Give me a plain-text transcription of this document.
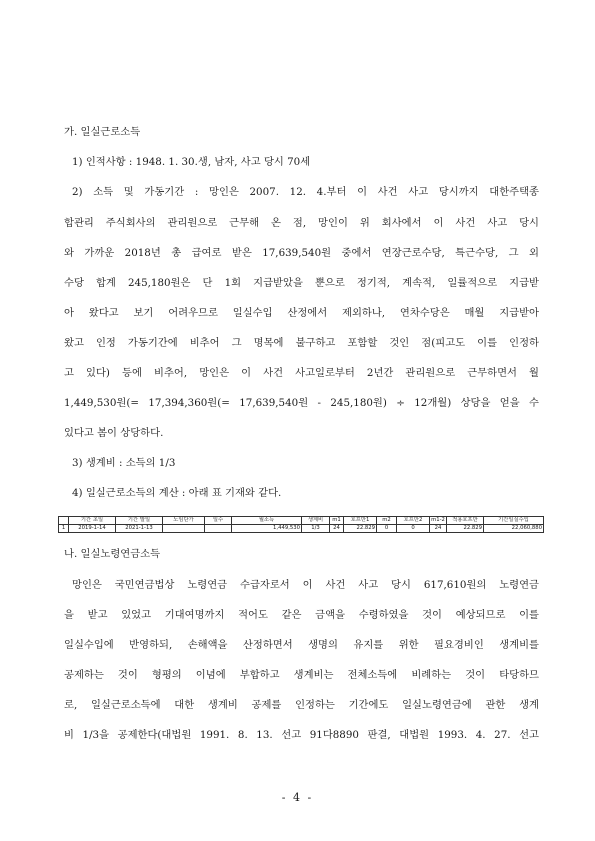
가. 일실근로소득
1) 인적사항 : 1948. 1. 30.생, 남자, 사고 당시 70세
2) 소득 및 가동기간 : 망인은 2007. 12. 4.부터 이 사건 사고 당시까지 대한주택종
합관리 주식회사의 관리원으로 근무해 온 점, 망인이 위 회사에서 이 사건 사고 당시
와 가까운 2018년 총 급여로 받은 17,639,540원 중에서 연장근로수당, 특근수당, 그 외
수당 합계 245,180원은 단 1회 지급받았을 뿐으로 정기적, 계속적, 일률적으로 지급받
아 왔다고 보기 어려우므로 일실수입 산정에서 제외하나, 연차수당은 매월 지급받아
왔고 인정 가동기간에 비추어 그 명목에 불구하고 포함할 것인 점(피고도 이를 인정하
고 있다) 등에 비추어, 망인은 이 사건 사고일로부터 2년간 관리원으로 근무하면서 월
1,449,530원(= 17,394,360원(= 17,639,540원 - 245,180원) ÷ 12개월) 상당을 얻을 수
있다고 봄이 상당하다.
3) 생계비 : 소득의 1/3
4) 일실근로소득의 계산 : 아래 표 기재와 같다.
	기간 초일	기간 말일	노임단가	일수	월소득	생계비	m1	호프만1	m2	호프만2	m1-2	적용호프만	기간일실수입
1	2019-1-14	2021-1-13			1,449,530	1/3	24	22.829	0	0	24	22.829	22,060,880
나. 일실노령연금소득
망인은 국민연금법상 노령연금 수급자로서 이 사건 사고 당시 617,610원의 노령연금
을 받고 있었고 기대여명까지 적어도 같은 금액을 수령하였을 것이 예상되므로 이를
일실수입에 반영하되, 손해액을 산정하면서 생명의 유지를 위한 필요경비인 생계비를
공제하는 것이 형평의 이념에 부합하고 생계비는 전체소득에 비례하는 것이 타당하므
로, 일실근로소득에 대한 생계비 공제를 인정하는 기간에도 일실노령연금에 관한 생계
비 1/3을 공제한다(대법원 1991. 8. 13. 선고 91다8890 판결, 대법원 1993. 4. 27. 선고
- 4 -
